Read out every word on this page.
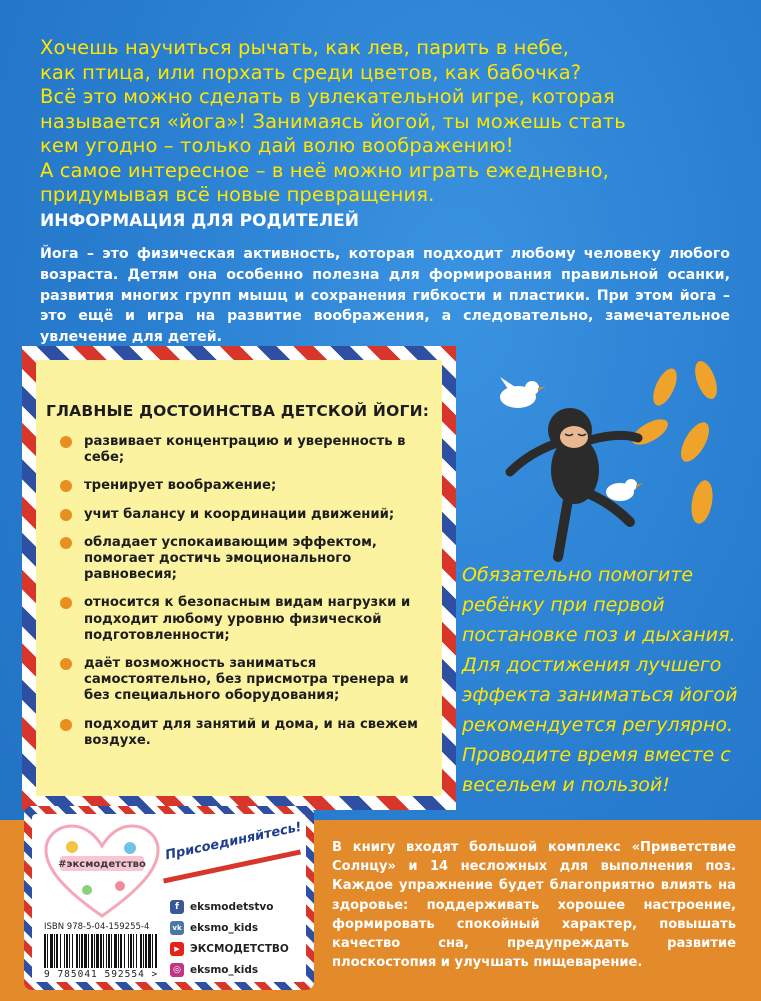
Хочешь научиться рычать, как лев, парить в небе,
как птица, или порхать среди цветов, как бабочка?
Всё это можно сделать в увлекательной игре, которая
называется «йога»! Занимаясь йогой, ты можешь стать
кем угодно – только дай волю воображению!
А самое интересное – в неё можно играть ежедневно,
придумывая всё новые превращения.
ИНФОРМАЦИЯ ДЛЯ РОДИТЕЛЕЙ
Йога – это физическая активность, которая подходит любому человеку любого возраста. Детям она особенно полезна для формирования правильной осанки, развития многих групп мышц и сохранения гибкости и пластики. При этом йога – это ещё и игра на развитие воображения, а следовательно, замечательное увлечение для детей.
ГЛАВНЫЕ ДОСТОИНСТВА ДЕТСКОЙ ЙОГИ:
развивает концентрацию и уверенность в себе;
тренирует воображение;
учит балансу и координации движений;
обладает успокаивающим эффектом, помогает достичь эмоционального равновесия;
относится к безопасным видам нагрузки и подходит любому уровню физической подготовленности;
даёт возможность заниматься самостоятельно, без присмотра тренера и без специального оборудования;
подходит для занятий и дома, и на свежем воздухе.
Обязательно помогите ребёнку при первой постановке поз и дыхания. Для достижения лучшего эффекта заниматься йогой рекомендуется регулярно. Проводите время вместе с весельем и пользой!
#эксмодетство
Присоединяйтесь!
f	eksmodetstvo
vk eksmo_kids
▶ ЭКСМОДЕТСТВО
◎ eksmo_kids
ISBN 978-5-04-159255-4
9 785041 592554 >
В книгу входят большой комплекс «Приветствие Солнцу» и 14 несложных для выполнения поз. Каждое упражнение будет благоприятно влиять на здоровье: поддерживать хорошее настроение, формировать спокойный характер, повышать качество сна, предупреждать развитие плоскостопия и улучшать пищеварение.
